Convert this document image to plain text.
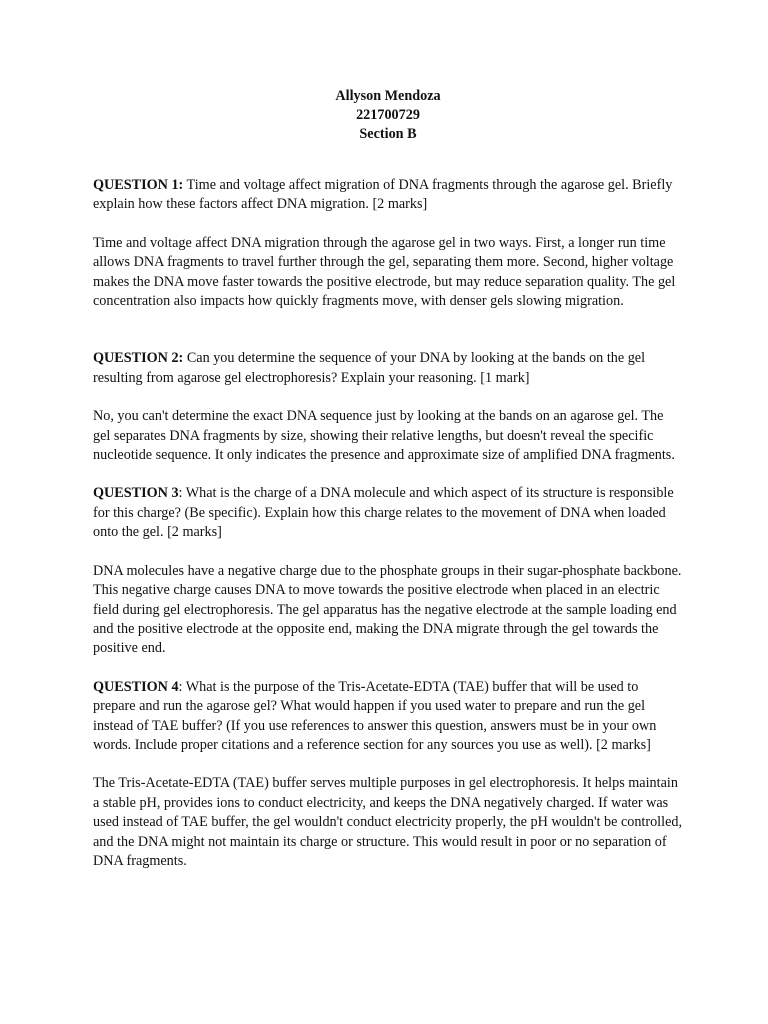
Allyson Mendoza
221700729
Section B

QUESTION 1: Time and voltage affect migration of DNA fragments through the agarose gel. Briefly explain how these factors affect DNA migration. [2 marks]

Time and voltage affect DNA migration through the agarose gel in two ways. First, a longer run time allows DNA fragments to travel further through the gel, separating them more. Second, higher voltage makes the DNA move faster towards the positive electrode, but may reduce separation quality. The gel concentration also impacts how quickly fragments move, with denser gels slowing migration.

QUESTION 2: Can you determine the sequence of your DNA by looking at the bands on the gel resulting from agarose gel electrophoresis? Explain your reasoning. [1 mark]

No, you can't determine the exact DNA sequence just by looking at the bands on an agarose gel. The gel separates DNA fragments by size, showing their relative lengths, but doesn't reveal the specific nucleotide sequence. It only indicates the presence and approximate size of amplified DNA fragments.

QUESTION 3: What is the charge of a DNA molecule and which aspect of its structure is responsible for this charge? (Be specific). Explain how this charge relates to the movement of DNA when loaded onto the gel. [2 marks]

DNA molecules have a negative charge due to the phosphate groups in their sugar-phosphate backbone. This negative charge causes DNA to move towards the positive electrode when placed in an electric field during gel electrophoresis. The gel apparatus has the negative electrode at the sample loading end and the positive electrode at the opposite end, making the DNA migrate through the gel towards the positive end.

QUESTION 4: What is the purpose of the Tris-Acetate-EDTA (TAE) buffer that will be used to prepare and run the agarose gel? What would happen if you used water to prepare and run the gel instead of TAE buffer? (If you use references to answer this question, answers must be in your own words. Include proper citations and a reference section for any sources you use as well). [2 marks]

The Tris-Acetate-EDTA (TAE) buffer serves multiple purposes in gel electrophoresis. It helps maintain a stable pH, provides ions to conduct electricity, and keeps the DNA negatively charged. If water was used instead of TAE buffer, the gel wouldn't conduct electricity properly, the pH wouldn't be controlled, and the DNA might not maintain its charge or structure. This would result in poor or no separation of DNA fragments.
